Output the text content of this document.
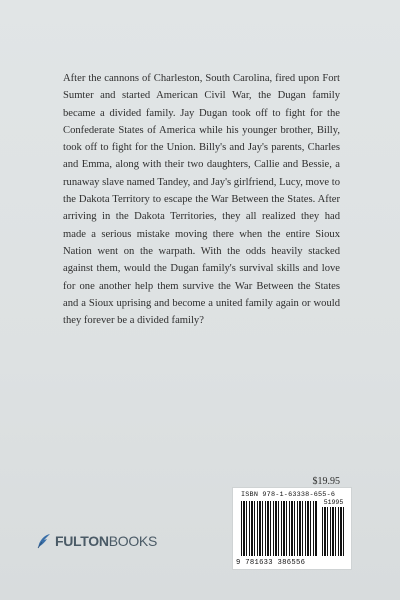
After the cannons of Charleston, South Carolina, fired upon Fort Sumter and started American Civil War, the Dugan family became a divided family. Jay Dugan took off to fight for the Confederate States of America while his younger brother, Billy, took off to fight for the Union. Billy's and Jay's parents, Charles and Emma, along with their two daughters, Callie and Bessie, a runaway slave named Tandey, and Jay's girlfriend, Lucy, move to the Dakota Territory to escape the War Between the States. After arriving in the Dakota Territories, they all realized they had made a serious mistake moving there when the entire Sioux Nation went on the warpath. With the odds heavily stacked against them, would the Dugan family's survival skills and love for one another help them survive the War Between the States and a Sioux uprising and become a united family again or would they forever be a divided family?

$19.95
FULTONBOOKS
ISBN 978-1-63338-655-6
51995
9 781633 386556
